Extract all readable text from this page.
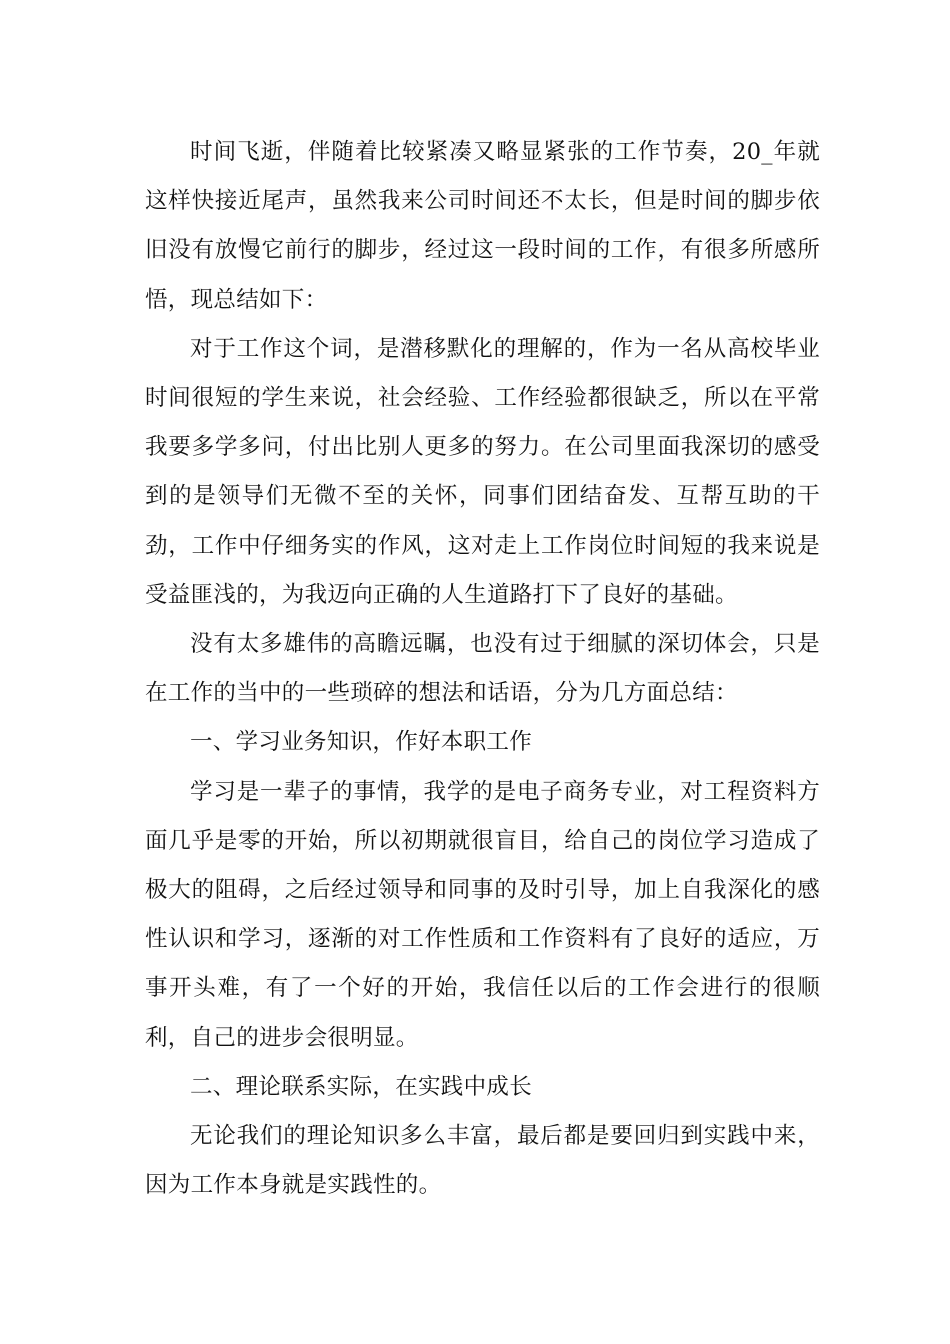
时间飞逝，伴随着比较紧凑又略显紧张的工作节奏，20_年就这样快接近尾声，虽然我来公司时间还不太长，但是时间的脚步依旧没有放慢它前行的脚步，经过这一段时间的工作，有很多所感所悟，现总结如下：

对于工作这个词，是潜移默化的理解的，作为一名从高校毕业时间很短的学生来说，社会经验、工作经验都很缺乏，所以在平常我要多学多问，付出比别人更多的努力。在公司里面我深切的感受到的是领导们无微不至的关怀，同事们团结奋发、互帮互助的干劲，工作中仔细务实的作风，这对走上工作岗位时间短的我来说是受益匪浅的，为我迈向正确的人生道路打下了良好的基础。

没有太多雄伟的高瞻远瞩，也没有过于细腻的深切体会，只是在工作的当中的一些琐碎的想法和话语，分为几方面总结：

一、学习业务知识，作好本职工作

学习是一辈子的事情，我学的是电子商务专业，对工程资料方面几乎是零的开始，所以初期就很盲目，给自己的岗位学习造成了极大的阻碍，之后经过领导和同事的及时引导，加上自我深化的感性认识和学习，逐渐的对工作性质和工作资料有了良好的适应，万事开头难，有了一个好的开始，我信任以后的工作会进行的很顺利，自己的进步会很明显。

二、理论联系实际，在实践中成长

无论我们的理论知识多么丰富，最后都是要回归到实践中来，因为工作本身就是实践性的。
